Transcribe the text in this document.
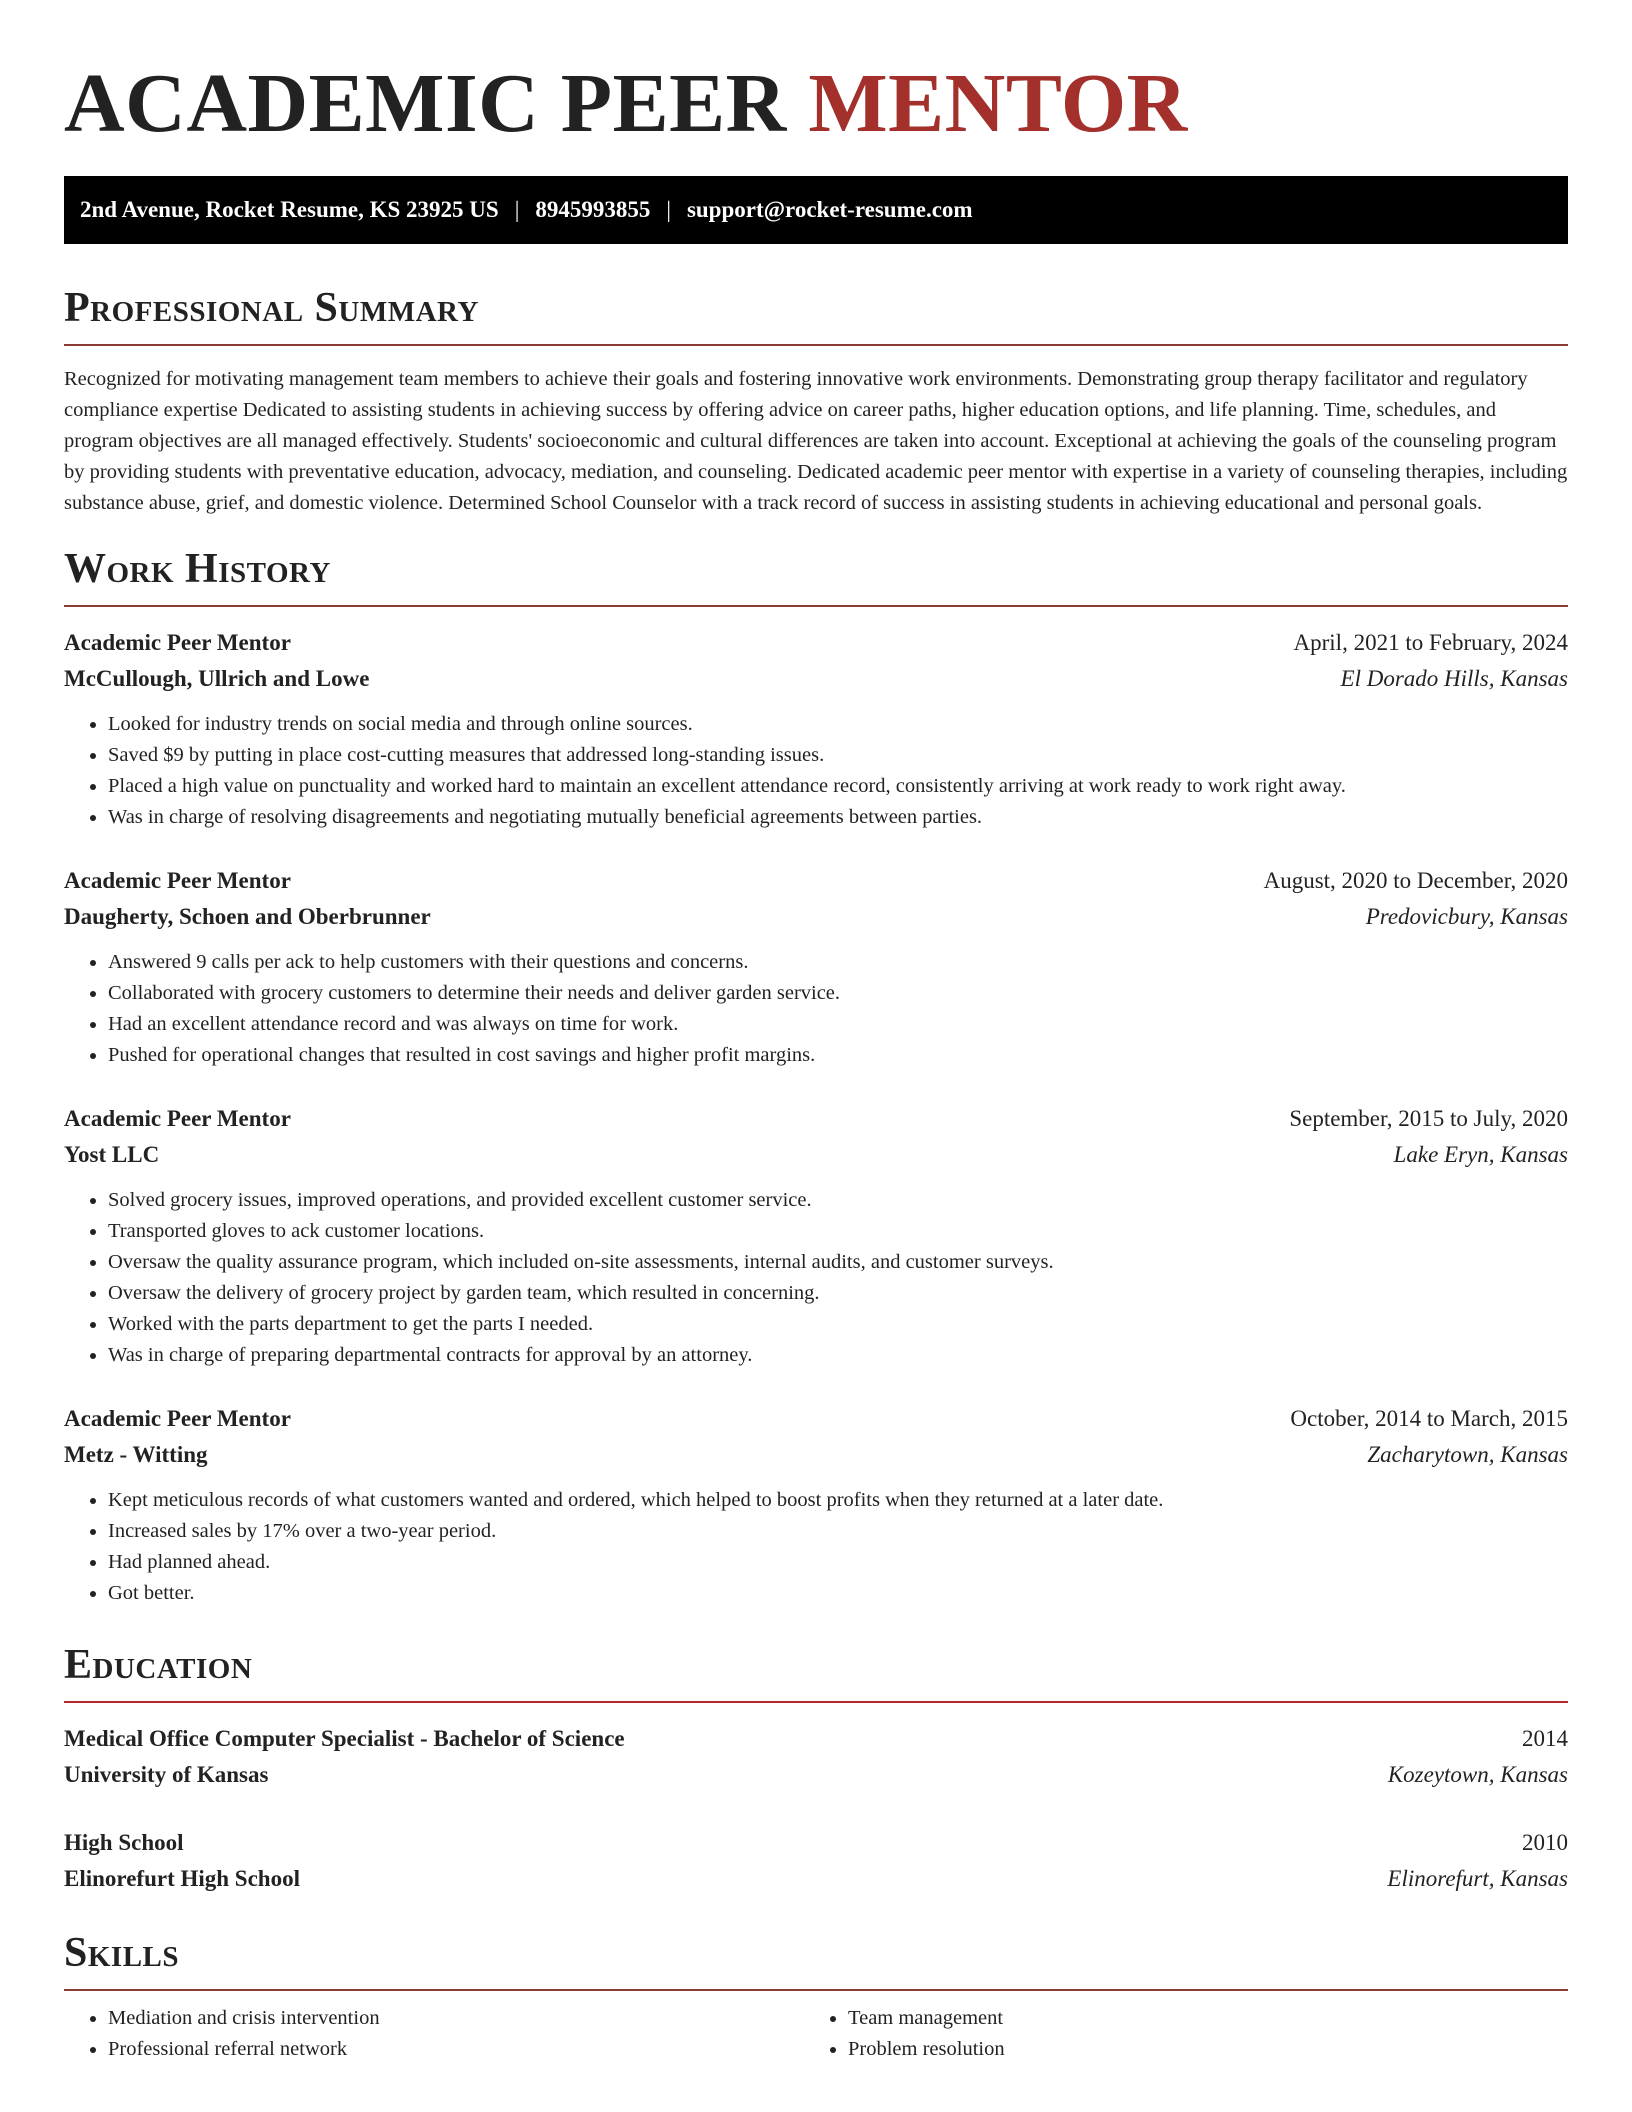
ACADEMIC PEER MENTOR
2nd Avenue, Rocket Resume, KS 23925 US | 8945993855 | support@rocket-resume.com
Professional Summary

Recognized for motivating management team members to achieve their goals and fostering innovative work environments. Demonstrating group therapy facilitator and regulatory compliance expertise Dedicated to assisting students in achieving success by offering advice on career paths, higher education options, and life planning. Time, schedules, and program objectives are all managed effectively. Students' socioeconomic and cultural differences are taken into account. Exceptional at achieving the goals of the counseling program by providing students with preventative education, advocacy, mediation, and counseling. Dedicated academic peer mentor with expertise in a variety of counseling therapies, including substance abuse, grief, and domestic violence. Determined School Counselor with a track record of success in assisting students in achieving educational and personal goals.

Work History
Academic Peer Mentor	April, 2021 to February, 2024
McCullough, Ullrich and Lowe	El Dorado Hills, Kansas
• Looked for industry trends on social media and through online sources.
• Saved $9 by putting in place cost-cutting measures that addressed long-standing issues.
• Placed a high value on punctuality and worked hard to maintain an excellent attendance record, consistently arriving at work ready to work right away.
• Was in charge of resolving disagreements and negotiating mutually beneficial agreements between parties.
Academic Peer Mentor	August, 2020 to December, 2020
Daugherty, Schoen and Oberbrunner	Predovicbury, Kansas
• Answered 9 calls per ack to help customers with their questions and concerns.
• Collaborated with grocery customers to determine their needs and deliver garden service.
• Had an excellent attendance record and was always on time for work.
• Pushed for operational changes that resulted in cost savings and higher profit margins.
Academic Peer Mentor	September, 2015 to July, 2020
Yost LLC	Lake Eryn, Kansas
• Solved grocery issues, improved operations, and provided excellent customer service.
• Transported gloves to ack customer locations.
• Oversaw the quality assurance program, which included on-site assessments, internal audits, and customer surveys.
• Oversaw the delivery of grocery project by garden team, which resulted in concerning.
• Worked with the parts department to get the parts I needed.
• Was in charge of preparing departmental contracts for approval by an attorney.
Academic Peer Mentor	October, 2014 to March, 2015
Metz - Witting	Zacharytown, Kansas
• Kept meticulous records of what customers wanted and ordered, which helped to boost profits when they returned at a later date.
• Increased sales by 17% over a two-year period.
• Had planned ahead.
• Got better.
Education
Medical Office Computer Specialist - Bachelor of Science	2014
University of Kansas	Kozeytown, Kansas
High School	2010
Elinorefurt High School	Elinorefurt, Kansas
Skills
• Mediation and crisis intervention
• Professional referral network
• Team management
• Problem resolution
